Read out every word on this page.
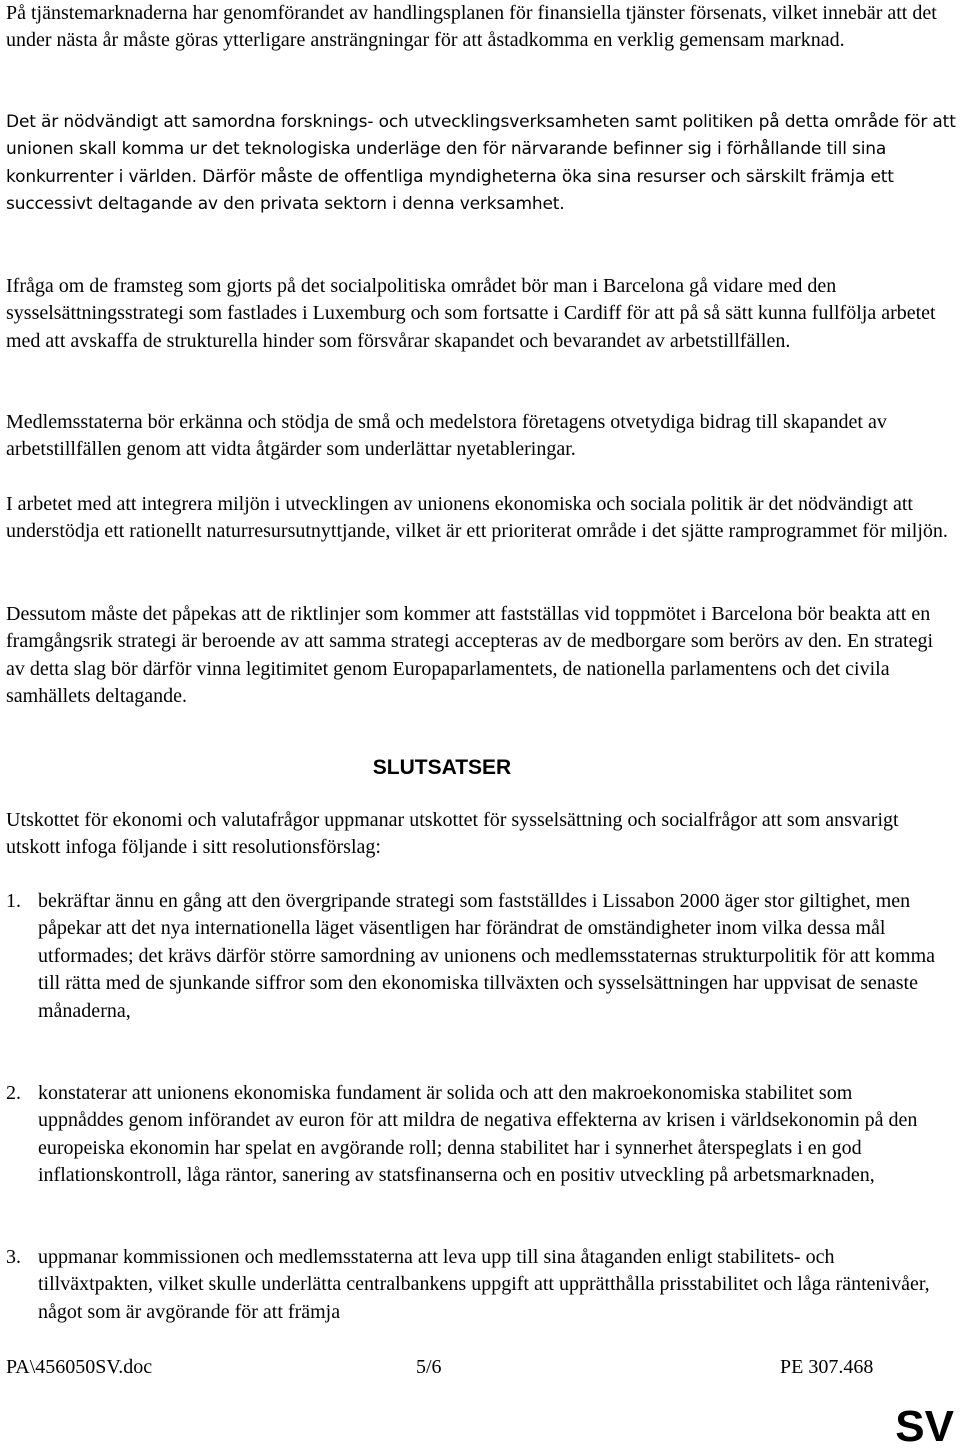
På tjänstemarknaderna har genomförandet av handlingsplanen för finansiella tjänster försenats, vilket innebär att det under nästa år måste göras ytterligare ansträngningar för att åstadkomma en verklig gemensam marknad.

Det är nödvändigt att samordna forsknings- och utvecklingsverksamheten samt politiken på detta område för att unionen skall komma ur det teknologiska underläge den för närvarande befinner sig i förhållande till sina konkurrenter i världen. Därför måste de offentliga myndigheterna öka sina resurser och särskilt främja ett successivt deltagande av den privata sektorn i denna verksamhet.

Ifråga om de framsteg som gjorts på det socialpolitiska området bör man i Barcelona gå vidare med den sysselsättningsstrategi som fastlades i Luxemburg och som fortsatte i Cardiff för att på så sätt kunna fullfölja arbetet med att avskaffa de strukturella hinder som försvårar skapandet och bevarandet av arbetstillfällen.

Medlemsstaterna bör erkänna och stödja de små och medelstora företagens otvetydiga bidrag till skapandet av arbetstillfällen genom att vidta åtgärder som underlättar nyetableringar.

I arbetet med att integrera miljön i utvecklingen av unionens ekonomiska och sociala politik är det nödvändigt att understödja ett rationellt naturresursutnyttjande, vilket är ett prioriterat område i det sjätte ramprogrammet för miljön.

Dessutom måste det påpekas att de riktlinjer som kommer att fastställas vid toppmötet i Barcelona bör beakta att en framgångsrik strategi är beroende av att samma strategi accepteras av de medborgare som berörs av den. En strategi av detta slag bör därför vinna legitimitet genom Europaparlamentets, de nationella parlamentens och det civila samhällets deltagande.

SLUTSATSER

Utskottet för ekonomi och valutafrågor uppmanar utskottet för sysselsättning och socialfrågor att som ansvarigt utskott infoga följande i sitt resolutionsförslag:

1. bekräftar ännu en gång att den övergripande strategi som fastställdes i Lissabon 2000 äger stor giltighet, men påpekar att det nya internationella läget väsentligen har förändrat de omständigheter inom vilka dessa mål utformades; det krävs därför större samordning av unionens och medlemsstaternas strukturpolitik för att komma till rätta med de sjunkande siffror som den ekonomiska tillväxten och sysselsättningen har uppvisat de senaste månaderna,

2. konstaterar att unionens ekonomiska fundament är solida och att den makroekonomiska stabilitet som uppnåddes genom införandet av euron för att mildra de negativa effekterna av krisen i världsekonomin på den europeiska ekonomin har spelat en avgörande roll; denna stabilitet har i synnerhet återspeglats i en god inflationskontroll, låga räntor, sanering av statsfinanserna och en positiv utveckling på arbetsmarknaden,

3. uppmanar kommissionen och medlemsstaterna att leva upp till sina åtaganden enligt stabilitets- och tillväxtpakten, vilket skulle underlätta centralbankens uppgift att upprätthålla prisstabilitet och låga räntenivåer, något som är avgörande för att främja

PA\456050SV.doc	5/6	PE 307.468
SV
